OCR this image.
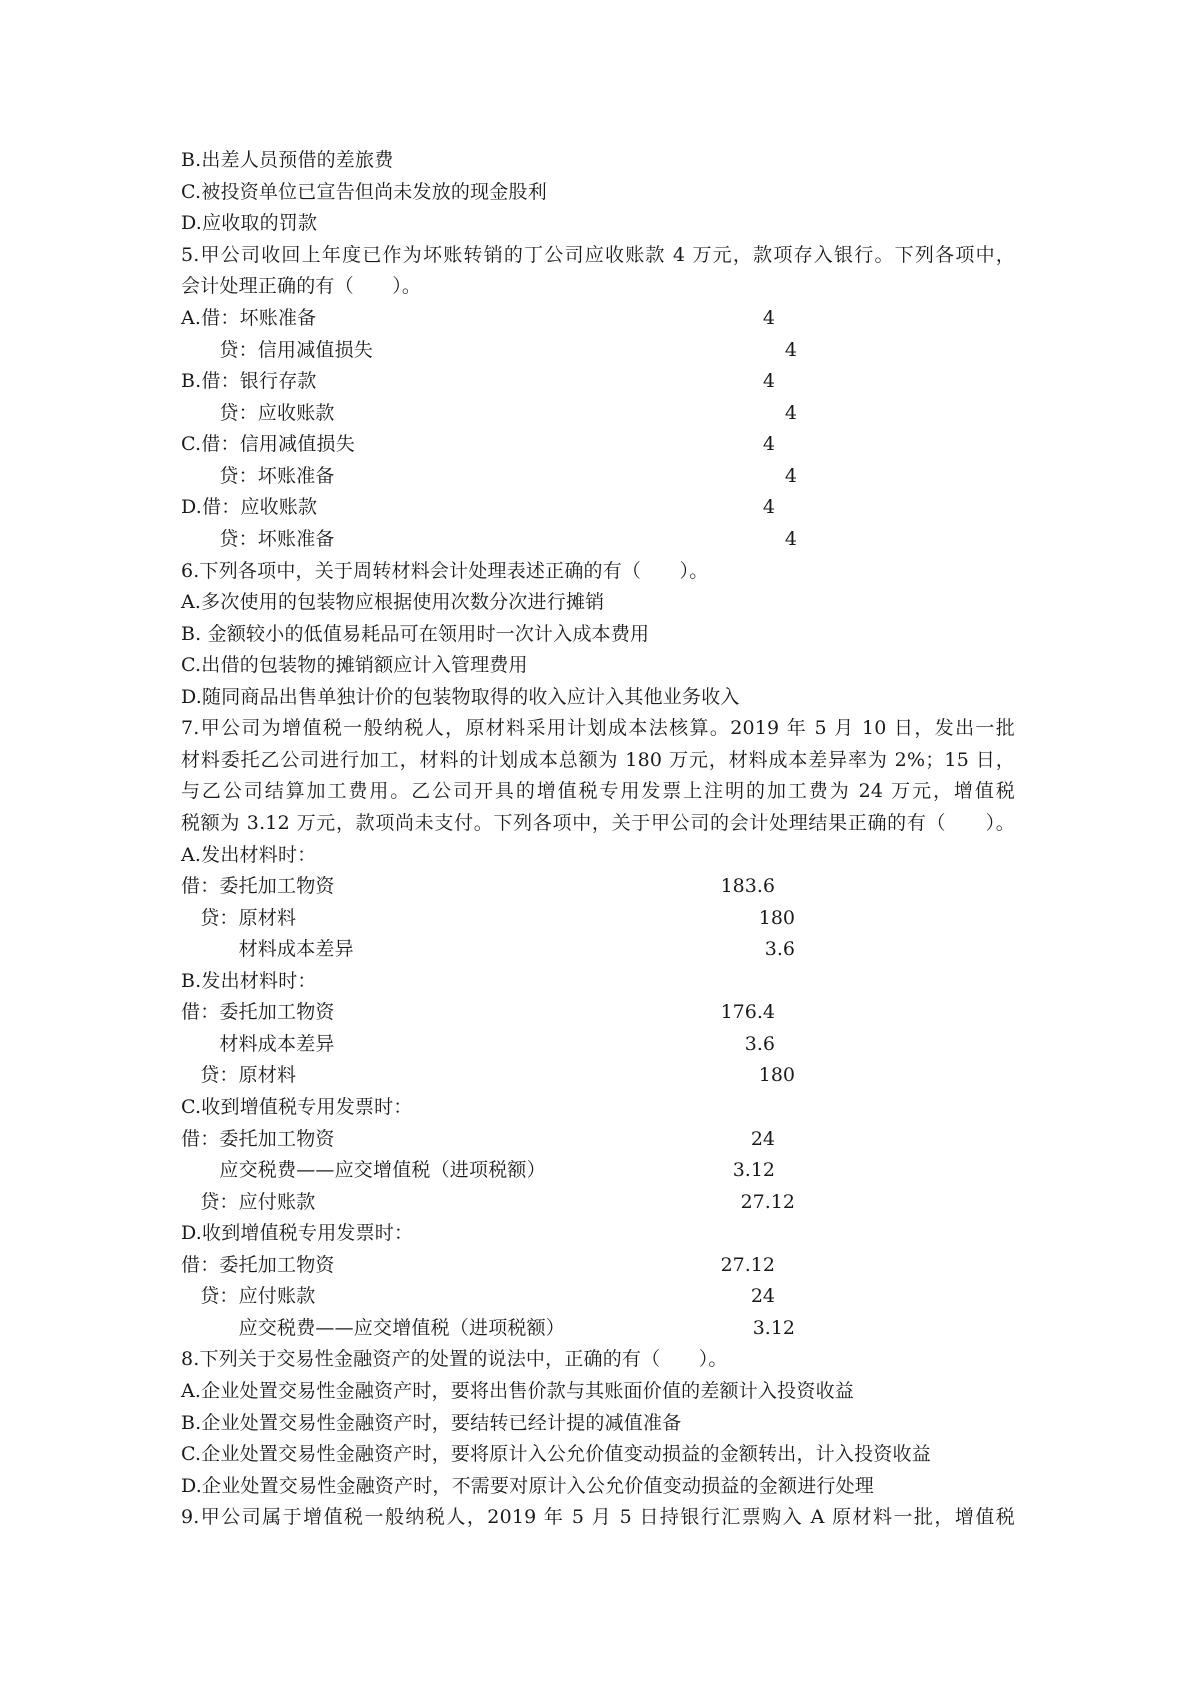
B.出差人员预借的差旅费
C.被投资单位已宣告但尚未发放的现金股利
D.应收取的罚款
5.甲公司收回上年度已作为坏账转销的丁公司应收账款 4 万元，款项存入银行。下列各项中，
会计处理正确的有（　　）。
A.借：坏账准备	4
　　贷：信用减值损失	4
B.借：银行存款	4
　　贷：应收账款	4
C.借：信用减值损失	4
　　贷：坏账准备	4
D.借：应收账款	4
　　贷：坏账准备	4
6.下列各项中，关于周转材料会计处理表述正确的有（　　）。
A.多次使用的包装物应根据使用次数分次进行摊销
B. 金额较小的低值易耗品可在领用时一次计入成本费用
C.出借的包装物的摊销额应计入管理费用
D.随同商品出售单独计价的包装物取得的收入应计入其他业务收入
7.甲公司为增值税一般纳税人，原材料采用计划成本法核算。2019 年 5 月 10 日，发出一批
材料委托乙公司进行加工，材料的计划成本总额为 180 万元，材料成本差异率为 2%；15 日，
与乙公司结算加工费用。乙公司开具的增值税专用发票上注明的加工费为 24 万元，增值税
税额为 3.12 万元，款项尚未支付。下列各项中，关于甲公司的会计处理结果正确的有（　　）。
A.发出材料时：
借：委托加工物资	183.6
　贷：原材料	180
　　　材料成本差异	3.6
B.发出材料时：
借：委托加工物资	176.4
　　材料成本差异	3.6
　贷：原材料	180
C.收到增值税专用发票时：
借：委托加工物资	24
　　应交税费——应交增值税（进项税额）	3.12
　贷：应付账款	27.12
D.收到增值税专用发票时：
借：委托加工物资	27.12
　贷：应付账款	24
　　　应交税费——应交增值税（进项税额）	3.12
8.下列关于交易性金融资产的处置的说法中，正确的有（　　）。
A.企业处置交易性金融资产时，要将出售价款与其账面价值的差额计入投资收益
B.企业处置交易性金融资产时，要结转已经计提的减值准备
C.企业处置交易性金融资产时，要将原计入公允价值变动损益的金额转出，计入投资收益
D.企业处置交易性金融资产时，不需要对原计入公允价值变动损益的金额进行处理
9.甲公司属于增值税一般纳税人，2019 年 5 月 5 日持银行汇票购入 A 原材料一批，增值税
